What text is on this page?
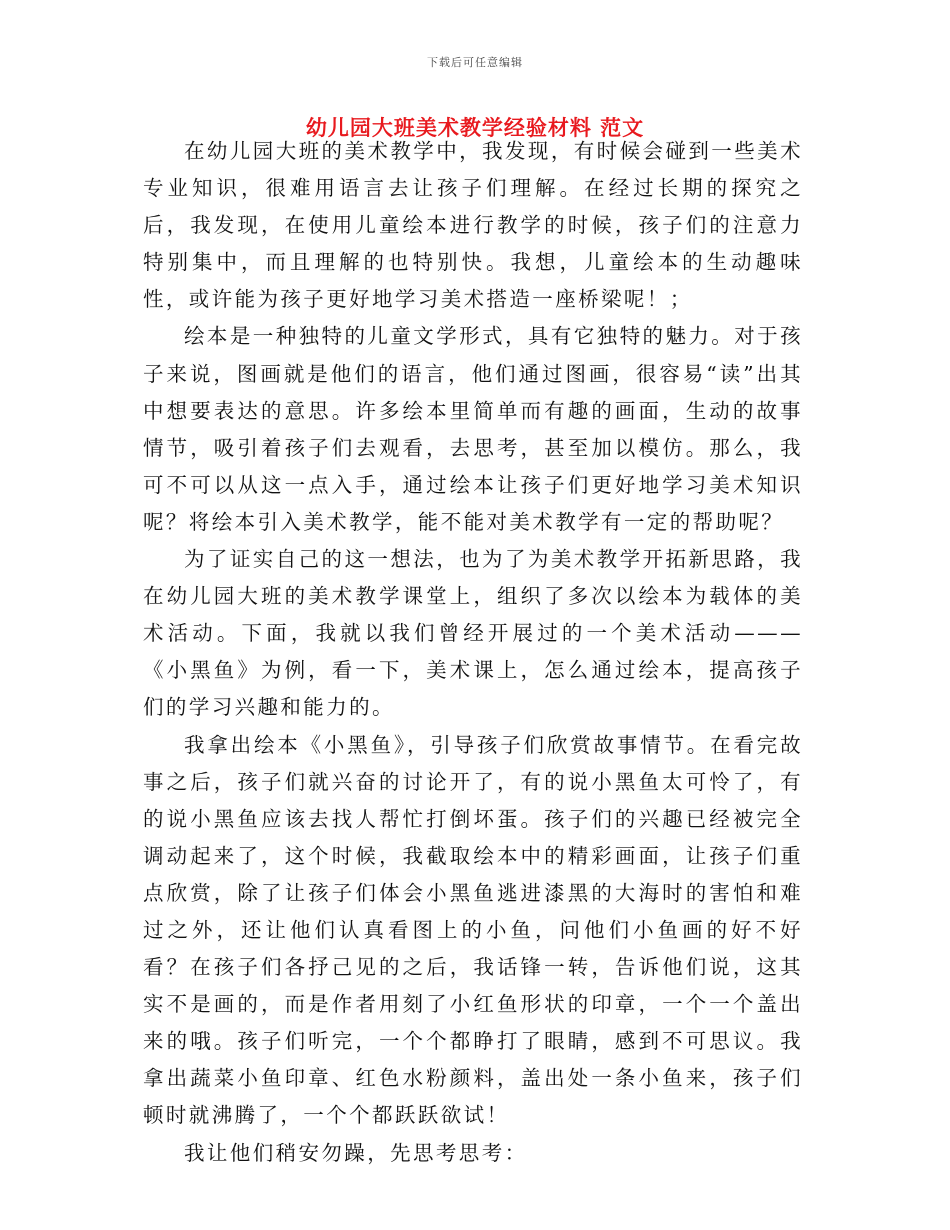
下载后可任意编辑
幼儿园大班美术教学经验材料 范文

在幼儿园大班的美术教学中，我发现，有时候会碰到一些美术专业知识，很难用语言去让孩子们理解。在经过长期的探究之后，我发现，在使用儿童绘本进行教学的时候，孩子们的注意力特别集中，而且理解的也特别快。我想，儿童绘本的生动趣味性，或许能为孩子更好地学习美术搭造一座桥梁呢！；

绘本是一种独特的儿童文学形式，具有它独特的魅力。对于孩子来说，图画就是他们的语言，他们通过图画，很容易“读”出其中想要表达的意思。许多绘本里简单而有趣的画面，生动的故事情节，吸引着孩子们去观看，去思考，甚至加以模仿。那么，我可不可以从这一点入手，通过绘本让孩子们更好地学习美术知识呢？将绘本引入美术教学，能不能对美术教学有一定的帮助呢？

为了证实自己的这一想法，也为了为美术教学开拓新思路，我在幼儿园大班的美术教学课堂上，组织了多次以绘本为载体的美术活动。下面，我就以我们曾经开展过的一个美术活动———《小黑鱼》为例，看一下，美术课上，怎么通过绘本，提高孩子们的学习兴趣和能力的。

我拿出绘本《小黑鱼》，引导孩子们欣赏故事情节。在看完故事之后，孩子们就兴奋的讨论开了，有的说小黑鱼太可怜了，有的说小黑鱼应该去找人帮忙打倒坏蛋。孩子们的兴趣已经被完全调动起来了，这个时候，我截取绘本中的精彩画面，让孩子们重点欣赏，除了让孩子们体会小黑鱼逃进漆黑的大海时的害怕和难过之外，还让他们认真看图上的小鱼，问他们小鱼画的好不好看？在孩子们各抒己见的之后，我话锋一转，告诉他们说，这其实不是画的，而是作者用刻了小红鱼形状的印章，一个一个盖出来的哦。孩子们听完，一个个都睁打了眼睛，感到不可思议。我拿出蔬菜小鱼印章、红色水粉颜料，盖出处一条小鱼来，孩子们顿时就沸腾了，一个个都跃跃欲试！

我让他们稍安勿躁，先思考思考：
